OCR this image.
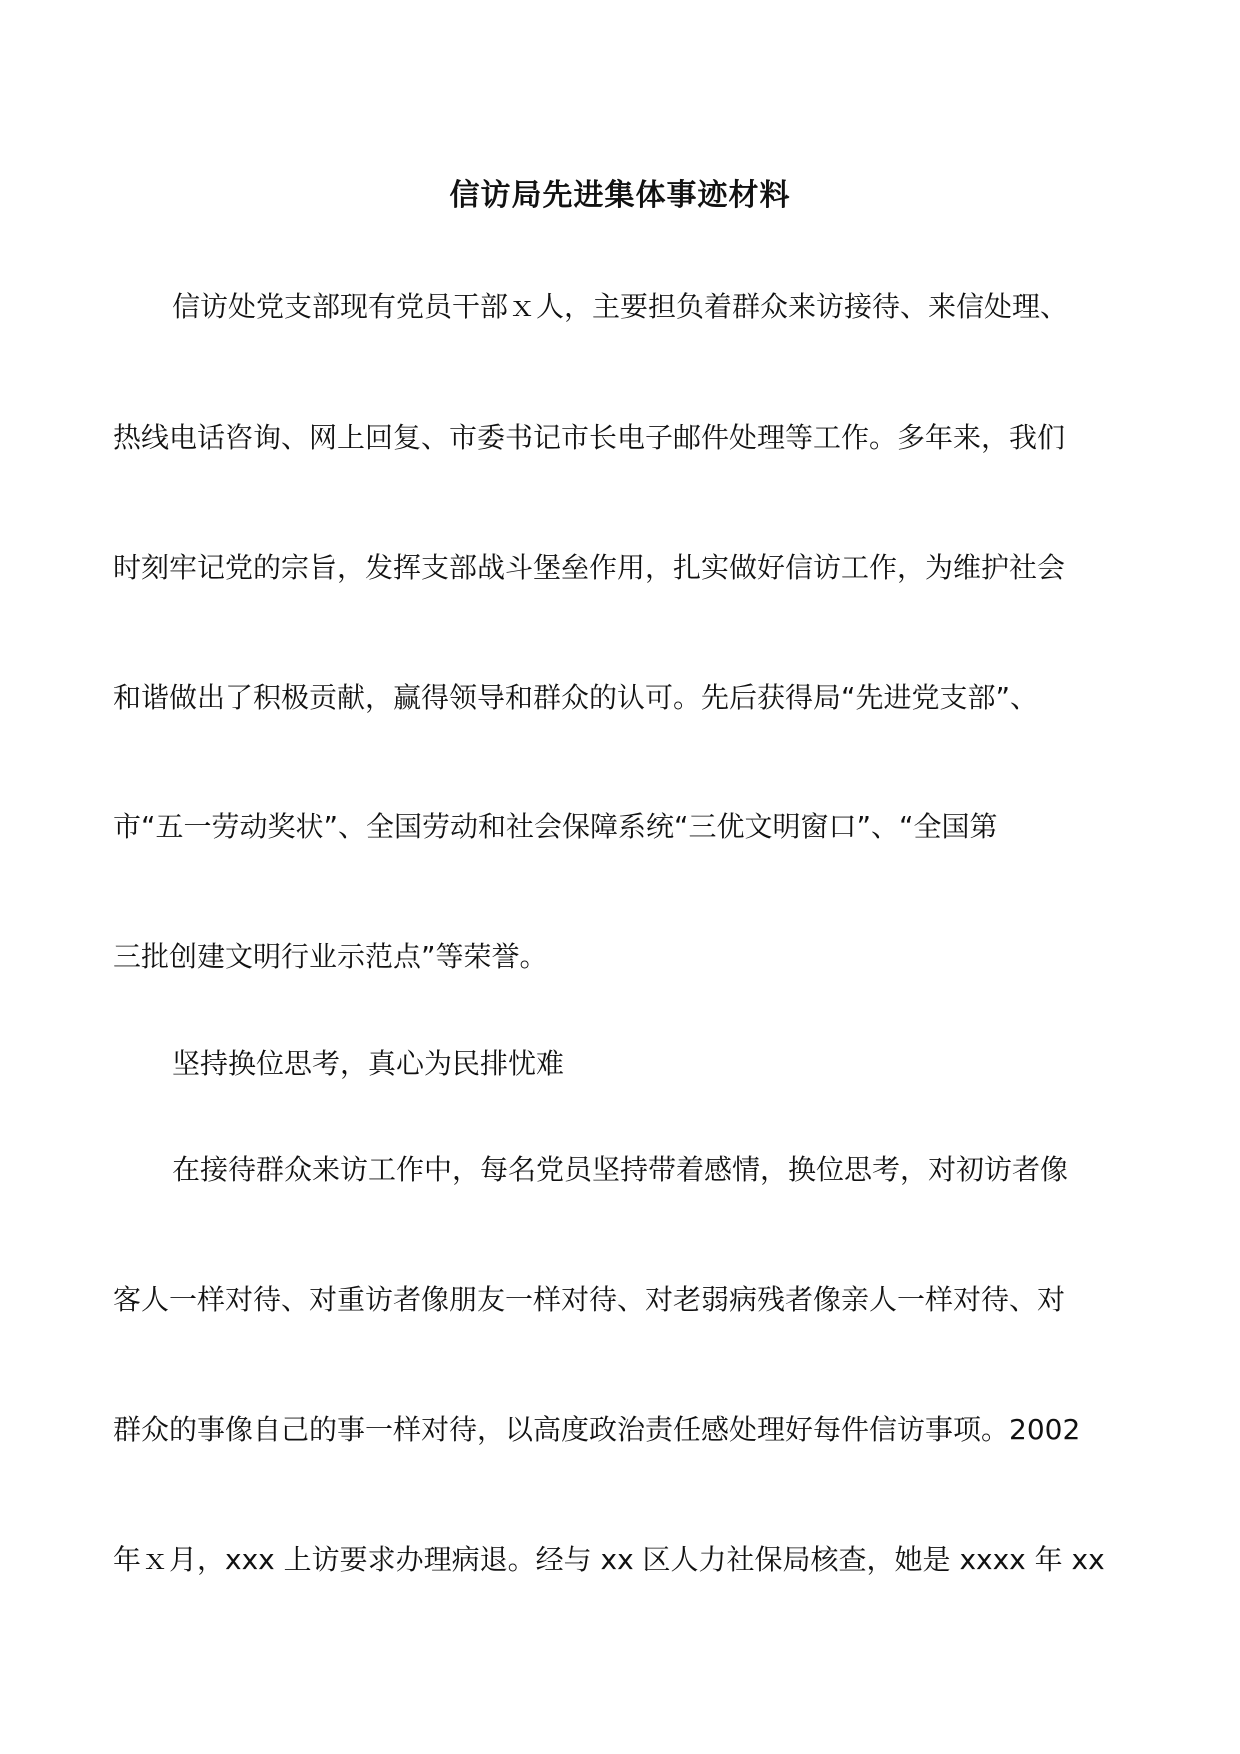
信访局先进集体事迹材料
信访处党支部现有党员干部ｘ人，主要担负着群众来访接待、来信处理、
热线电话咨询、网上回复、市委书记市长电子邮件处理等工作。多年来，我们
时刻牢记党的宗旨，发挥支部战斗堡垒作用，扎实做好信访工作，为维护社会
和谐做出了积极贡献，赢得领导和群众的认可。先后获得局“先进党支部”、
市“五一劳动奖状”、全国劳动和社会保障系统“三优文明窗口”、“全国第
三批创建文明行业示范点”等荣誉。
坚持换位思考，真心为民排忧难
在接待群众来访工作中，每名党员坚持带着感情，换位思考，对初访者像
客人一样对待、对重访者像朋友一样对待、对老弱病残者像亲人一样对待、对
群众的事像自己的事一样对待，以高度政治责任感处理好每件信访事项。2002
年ｘ月，xxx 上访要求办理病退。经与 xx 区人力社保局核查，她是 xxxx 年 xx
